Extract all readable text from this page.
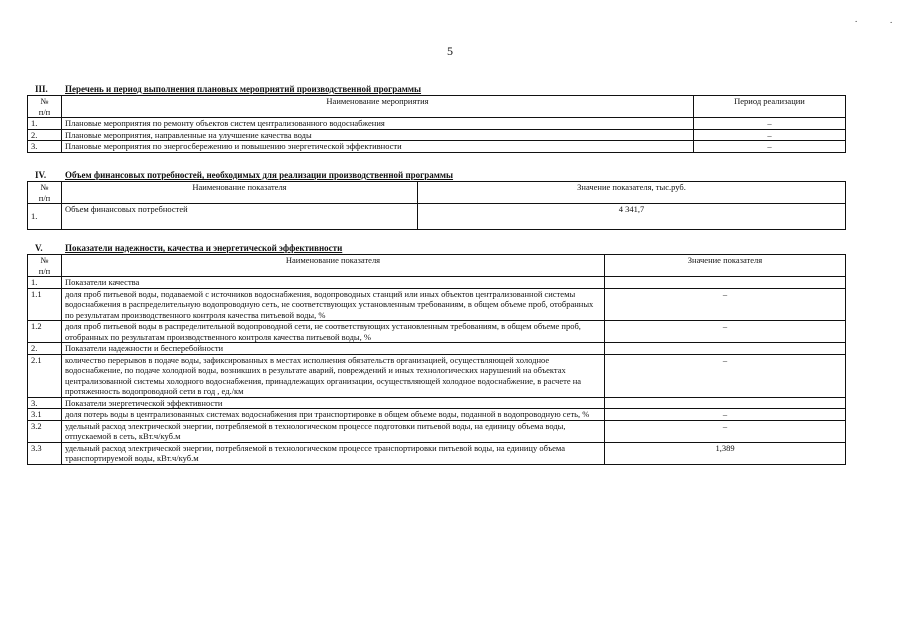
.	.
5
III. Перечень и период выполнения плановых мероприятий производственной программы
№
п/п	Наименование мероприятия	Период реализации
1.	Плановые мероприятия по ремонту объектов систем централизованного водоснабжения	–
2.	Плановые мероприятия, направленные на улучшение качества воды	–
3.	Плановые мероприятия по энергосбережению и повышению энергетической эффективности	–
IV. Объем финансовых потребностей, необходимых для реализации производственной программы
№
п/п	Наименование показателя	Значение показателя, тыс.руб.
1.	Объем финансовых потребностей	4 341,7
V. Показатели надежности, качества и энергетической эффективности
№
п/п	Наименование показателя	Значение показателя
1.	Показатели качества	
1.1	доля проб питьевой воды, подаваемой с источников водоснабжения, водопроводных станций или иных объектов централизованной системы водоснабжения в распределительную водопроводную сеть, не соответствующих установленным требованиям, в общем объеме проб, отобранных по результатам производственного контроля качества питьевой воды, %	–
1.2	доля проб питьевой воды в распределительной водопроводной сети, не соответствующих установленным требованиям, в общем объеме проб, отобранных по результатам производственного контроля качества питьевой воды, %	–
2.	Показатели надежности и бесперебойности	
2.1	количество перерывов в подаче воды, зафиксированных в местах исполнения обязательств организацией, осуществляющей холодное водоснабжение, по подаче холодной воды, возникших в результате аварий, повреждений и иных технологических нарушений на объектах централизованной системы холодного водоснабжения, принадлежащих организации, осуществляющей холодное водоснабжение, в расчете на протяженность водопроводной сети в год , ед./км	–
3.	Показатели энергетической эффективности	
3.1	доля потерь воды в централизованных системах водоснабжения при транспортировке в общем объеме воды, поданной в водопроводную сеть, %	–
3.2	удельный расход электрической энергии, потребляемой в технологическом процессе подготовки питьевой воды, на единицу объема воды, отпускаемой в сеть, кВт.ч/куб.м	–
3.3	удельный расход электрической энергии, потребляемой в технологическом процессе транспортировки питьевой воды, на единицу объема транспортируемой воды, кВт.ч/куб.м	1,389
